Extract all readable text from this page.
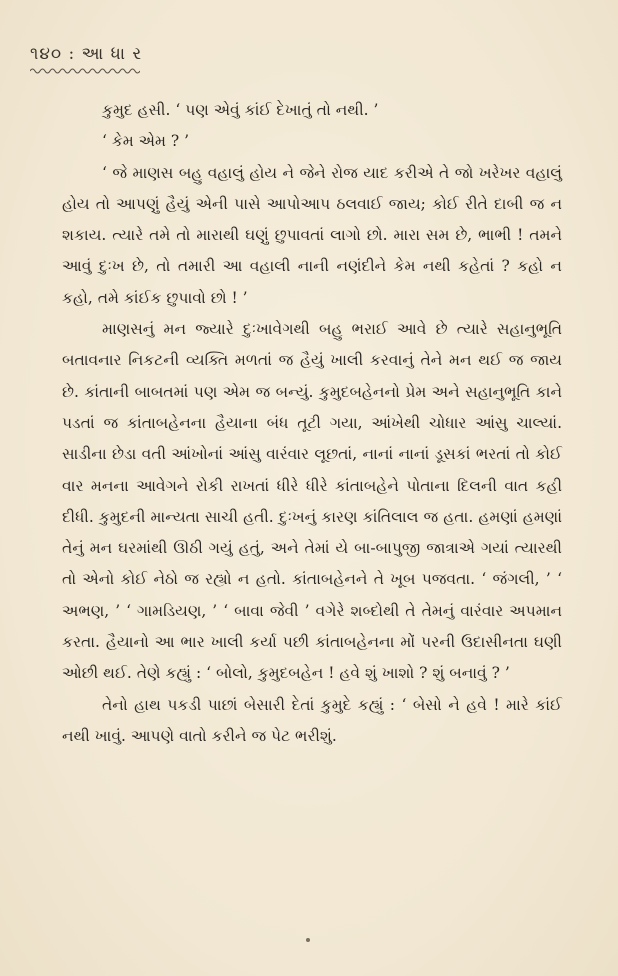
૧૪૦ : આ ધા ર

કુમુદ હસી. ‘ પણ એવું કાંઈ દેખાતું તો નથી. ’

‘ કેમ એમ ? ’

‘ જે માણસ બહુ વહાલું હોય ને જેને રોજ યાદ કરીએ તે જો ખરેખર વહાલું હોય તો આપણું હૈયું એની પાસે આપોઆપ ઠલવાઈ જાય; કોઈ રીતે દાબી જ ન શકાય. ત્યારે તમે તો મારાથી ઘણું છુપાવતાં લાગો છો. મારા સમ છે, ભાભી ! તમને આવું દુઃખ છે, તો તમારી આ વહાલી નાની નણંદીને કેમ નથી કહેતાં ? કહો ન કહો, તમે કાંઈક છુપાવો છો ! ’

માણસનું મન જ્યારે દુઃખાવેગથી બહુ ભરાઈ આવે છે ત્યારે સહાનુભૂતિ બતાવનાર નિકટની વ્યક્તિ મળતાં જ હૈયું ખાલી કરવાનું તેને મન થઈ જ જાય છે. કાંતાની બાબતમાં પણ એમ જ બન્યું. કુમુદબહેનનો પ્રેમ અને સહાનુભૂતિ કાને પડતાં જ કાંતાબહેનના હૈયાના બંધ તૂટી ગયા, આંખેથી ચોધાર આંસુ ચાલ્યાં. સાડીના છેડા વતી આંખોનાં આંસુ વારંવાર લૂછતાં, નાનાં નાનાં ડૂસકાં ભરતાં તો કોઈ વાર મનના આવેગને રોકી રાખતાં ધીરે ધીરે કાંતાબહેને પોતાના દિલની વાત કહી દીધી. કુમુદની માન્યતા સાચી હતી. દુઃખનું કારણ કાંતિલાલ જ હતા. હમણાં હમણાં તેનું મન ઘરમાંથી ઊઠી ગયું હતું, અને તેમાં યે બા-બાપુજી જાત્રાએ ગયાં ત્યારથી તો એનો કોઈ નેઠો જ રહ્યો ન હતો. કાંતાબહેનને તે ખૂબ પજવતા. ‘ જંગલી, ’ ‘ અભણ, ’ ‘ ગામડિયણ, ’ ‘ બાવા જેવી ’ વગેરે શબ્દોથી તે તેમનું વારંવાર અપમાન કરતા. હૈયાનો આ ભાર ખાલી કર્યા પછી કાંતાબહેનના મોં પરની ઉદાસીનતા ઘણી ઓછી થઈ. તેણે કહ્યું : ‘ બોલો, કુમુદબહેન ! હવે શું ખાશો ? શું બનાવું ? ’

તેનો હાથ પકડી પાછાં બેસારી દેતાં કુમુદે કહ્યું : ‘ બેસો ને હવે ! મારે કાંઈ નથી ખાવું. આપણે વાતો કરીને જ પેટ ભરીશું.
